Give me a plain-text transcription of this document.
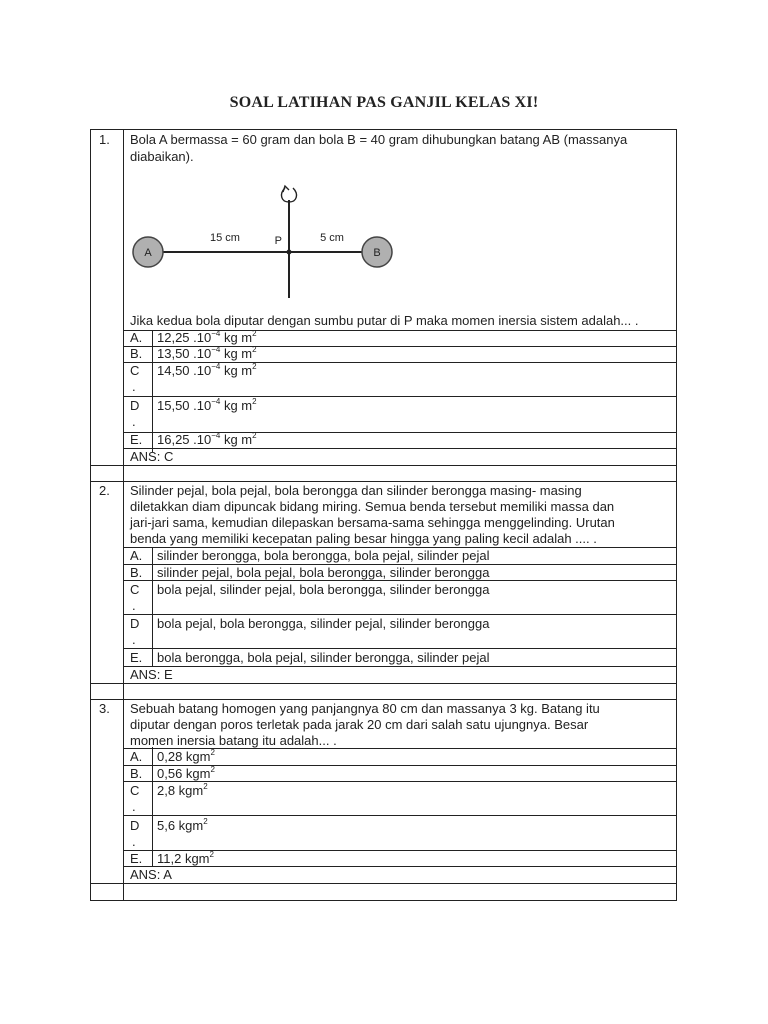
SOAL LATIHAN PAS GANJIL KELAS XI!
1. Bola A bermassa = 60 gram dan bola B = 40 gram dihubungkan batang AB (massanya
diabaikan).
A	B
P
15 cm	5 cm
Jika kedua bola diputar dengan sumbu putar di P maka momen inersia sistem adalah... .
A. 12,25 $.10^{-4}$ kg $m^2$
B. 13,50 $.10^{-4}$ kg $m^2$
C
.
14,50 $.10^{-4}$ kg $m^2$
D
.
15,50 $.10^{-4}$ kg $m^2$
E. 16,25 $.10^{-4}$ kg $m^2$
ANS: C
2. Silinder pejal, bola pejal, bola berongga dan silinder berongga masing- masing
diletakkan diam dipuncak bidang miring. Semua benda tersebut memiliki massa dan
jari-jari sama, kemudian dilepaskan bersama-sama sehingga menggelinding. Urutan
benda yang memiliki kecepatan paling besar hingga yang paling kecil adalah .... .
A. silinder berongga, bola berongga, bola pejal, silinder pejal
B. silinder pejal, bola pejal, bola berongga, silinder berongga
C
.
bola pejal, silinder pejal, bola berongga, silinder berongga
D
.
bola pejal, bola berongga, silinder pejal, silinder berongga
E. bola berongga, bola pejal, silinder berongga, silinder pejal
ANS: E
3. Sebuah batang homogen yang panjangnya 80 cm dan massanya 3 kg. Batang itu
diputar dengan poros terletak pada jarak 20 cm dari salah satu ujungnya. Besar
momen inersia batang itu adalah... .
A. 0,28 kgm$^2$
B. 0,56 kgm$^2$
C
.
2,8 kgm$^2$
D
.
5,6 kgm$^2$
E. 11,2 kgm$^2$
ANS: A
